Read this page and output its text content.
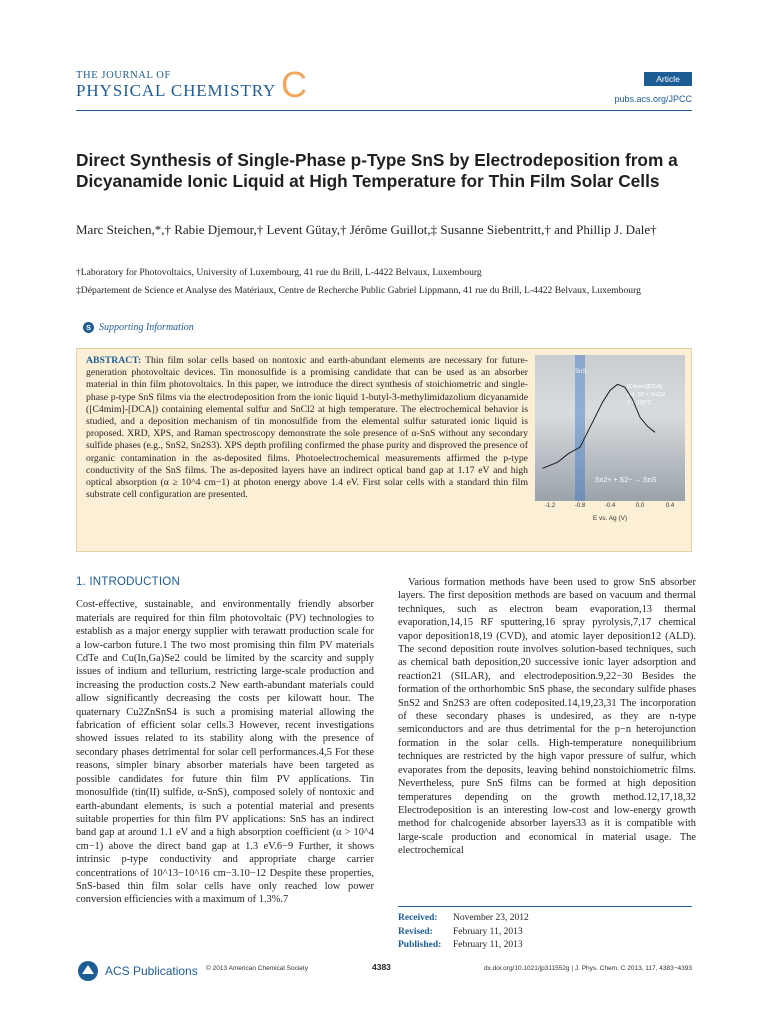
THE JOURNAL OF
PHYSICAL CHEMISTRY C	Article
pubs.acs.org/JPCC
Direct Synthesis of Single-Phase p-Type SnS by Electrodeposition from a Dicyanamide Ionic Liquid at High Temperature for Thin Film Solar Cells
Marc Steichen,*,† Rabie Djemour,† Levent Gütay,† Jérôme Guillot,‡ Susanne Siebentritt,† and Phillip J. Dale†
†Laboratory for Photovoltaics, University of Luxembourg, 41 rue du Brill, L-4422 Belvaux, Luxembourg
‡Département de Science et Analyse des Matériaux, Centre de Recherche Public Gabriel Lippmann, 41 rue du Brill, L-4422 Belvaux, Luxembourg
S Supporting Information
ABSTRACT: Thin film solar cells based on nontoxic and earth-abundant elements are necessary for future-generation photovoltaic devices. Tin monosulfide is a promising candidate that can be used as an absorber material in thin film photovoltaics. In this paper, we introduce the direct synthesis of stoichiometric and single-phase p-type SnS films via the electrodeposition from the ionic liquid 1-butyl-3-methylimidazolium dicyanamide ([C4mim]-[DCA]) containing elemental sulfur and SnCl2 at high temperature. The electrochemical behavior is studied, and a deposition mechanism of tin monosulfide from the elemental sulfur saturated ionic liquid is proposed. XRD, XPS, and Raman spectroscopy demonstrate the sole presence of α-SnS without any secondary sulfide phases (e.g., SnS2, Sn2S3). XPS depth profiling confirmed the phase purity and disproved the presence of organic contamination in the as-deposited films. Photoelectrochemical measurements affirmed the p-type conductivity of the SnS films. The as-deposited layers have an indirect optical band gap at 1.17 eV and high optical absorption (α ≥ 10^4 cm−1) at photon energy above 1.4 eV. First solar cells with a standard thin film substrate cell configuration are presented.
SnS
[C4mim][DCA]
sat. S8 + SnCl2
T = 130°C
Sn2+ + S2− → SnS
-1.2	-0.8	-0.4	0.0	0.4
E vs. Ag (V)
1. INTRODUCTION

Cost-effective, sustainable, and environmentally friendly absorber materials are required for thin film photovoltaic (PV) technologies to establish as a major energy supplier with terawatt production scale for a low-carbon future.1 The two most promising thin film PV materials CdTe and Cu(In,Ga)Se2 could be limited by the scarcity and supply issues of indium and tellurium, restricting large-scale production and increasing the production costs.2 New earth-abundant materials could allow significantly decreasing the costs per kilowatt hour. The quaternary Cu2ZnSnS4 is such a promising material allowing the fabrication of efficient solar cells.3 However, recent investigations showed issues related to its stability along with the presence of secondary phases detrimental for solar cell performances.4,5 For these reasons, simpler binary absorber materials have been targeted as possible candidates for future thin film PV applications. Tin monosulfide (tin(II) sulfide, α-SnS), composed solely of nontoxic and earth-abundant elements, is such a potential material and presents suitable properties for thin film PV applications: SnS has an indirect band gap at around 1.1 eV and a high absorption coefficient (α > 10^4 cm−1) above the direct band gap at 1.3 eV.6−9 Further, it shows intrinsic p-type conductivity and appropriate charge carrier concentrations of 10^13−10^16 cm−3.10−12 Despite these properties, SnS-based thin film solar cells have only reached low power conversion efficiencies with a maximum of 1.3%.7

Various formation methods have been used to grow SnS absorber layers. The first deposition methods are based on vacuum and thermal techniques, such as electron beam evaporation,13 thermal evaporation,14,15 RF sputtering,16 spray pyrolysis,7,17 chemical vapor deposition18,19 (CVD), and atomic layer deposition12 (ALD). The second deposition route involves solution-based techniques, such as chemical bath deposition,20 successive ionic layer adsorption and reaction21 (SILAR), and electrodeposition.9,22−30 Besides the formation of the orthorhombic SnS phase, the secondary sulfide phases SnS2 and Sn2S3 are often codeposited.14,19,23,31 The incorporation of these secondary phases is undesired, as they are n-type semiconductors and are thus detrimental for the p−n heterojunction formation in the solar cells. High-temperature nonequilibrium techniques are restricted by the high vapor pressure of sulfur, which evaporates from the deposits, leaving behind nonstoichiometric films. Nevertheless, pure SnS films can be formed at high deposition temperatures depending on the growth method.12,17,18,32 Electrodeposition is an interesting low-cost and low-energy growth method for chalcogenide absorber layers33 as it is compatible with large-scale production and economical in material usage. The electrochemical

Received:	November 23, 2012
Revised:	February 11, 2013
Published:	February 11, 2013
ACS Publications © 2013 American Chemical Society	4383	dx.doi.org/10.1021/jp311552g | J. Phys. Chem. C 2013, 117, 4383−4393
